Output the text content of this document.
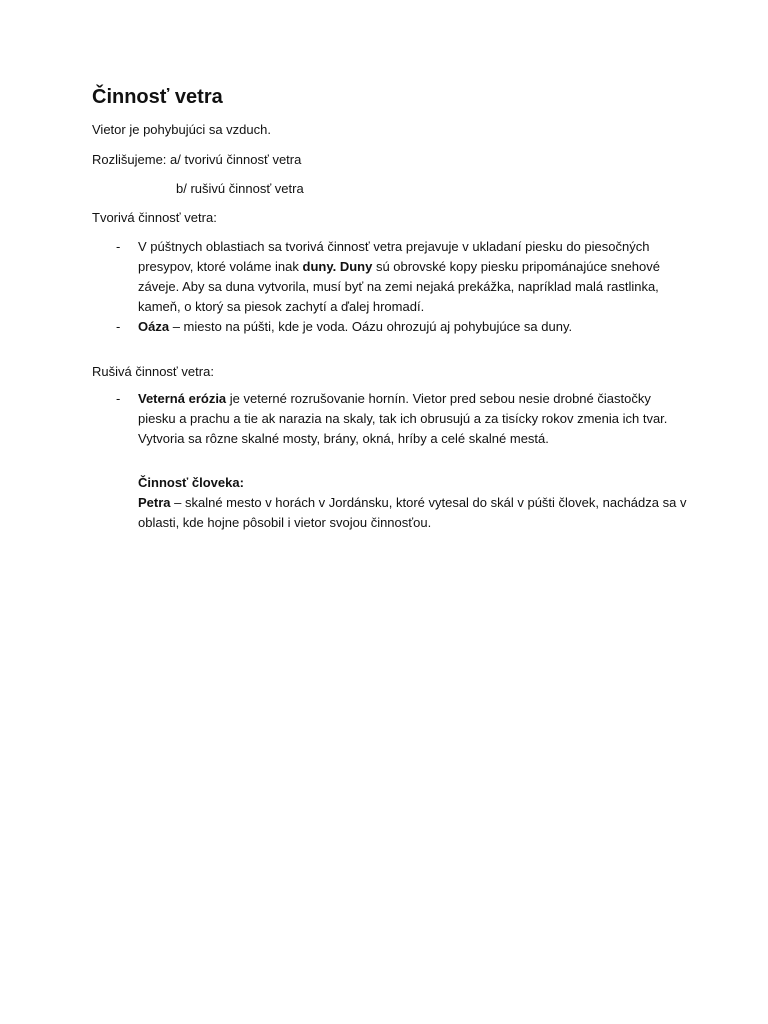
Činnosť vetra

Vietor je pohybujúci sa vzduch.

Rozlišujeme: a/ tvorivú činnosť vetra

b/ rušivú činnosť vetra

Tvorivá činnosť vetra:

- V púštnych oblastiach sa tvorivá činnosť vetra prejavuje v ukladaní piesku do piesočných presypov, ktoré voláme inak duny. Duny sú obrovské kopy piesku pripománajúce snehové záveje. Aby sa duna vytvorila, musí byť na zemi nejaká prekážka, napríklad malá rastlinka, kameň, o ktorý sa piesok zachytí a ďalej hromadí.

- Oáza – miesto na púšti, kde je voda. Oázu ohrozujú aj pohybujúce sa duny.

Rušivá činnosť vetra:

- Veterná erózia je veterné rozrušovanie hornín. Vietor pred sebou nesie drobné čiastočky piesku a prachu a tie ak narazia na skaly, tak ich obrusujú a za tisícky rokov zmenia ich tvar. Vytvoria sa rôzne skalné mosty, brány, okná, hríby a celé skalné mestá.

Činnosť človeka:

Petra – skalné mesto v horách v Jordánsku, ktoré vytesal do skál v púšti človek, nachádza sa v oblasti, kde hojne pôsobil i vietor svojou činnosťou.
